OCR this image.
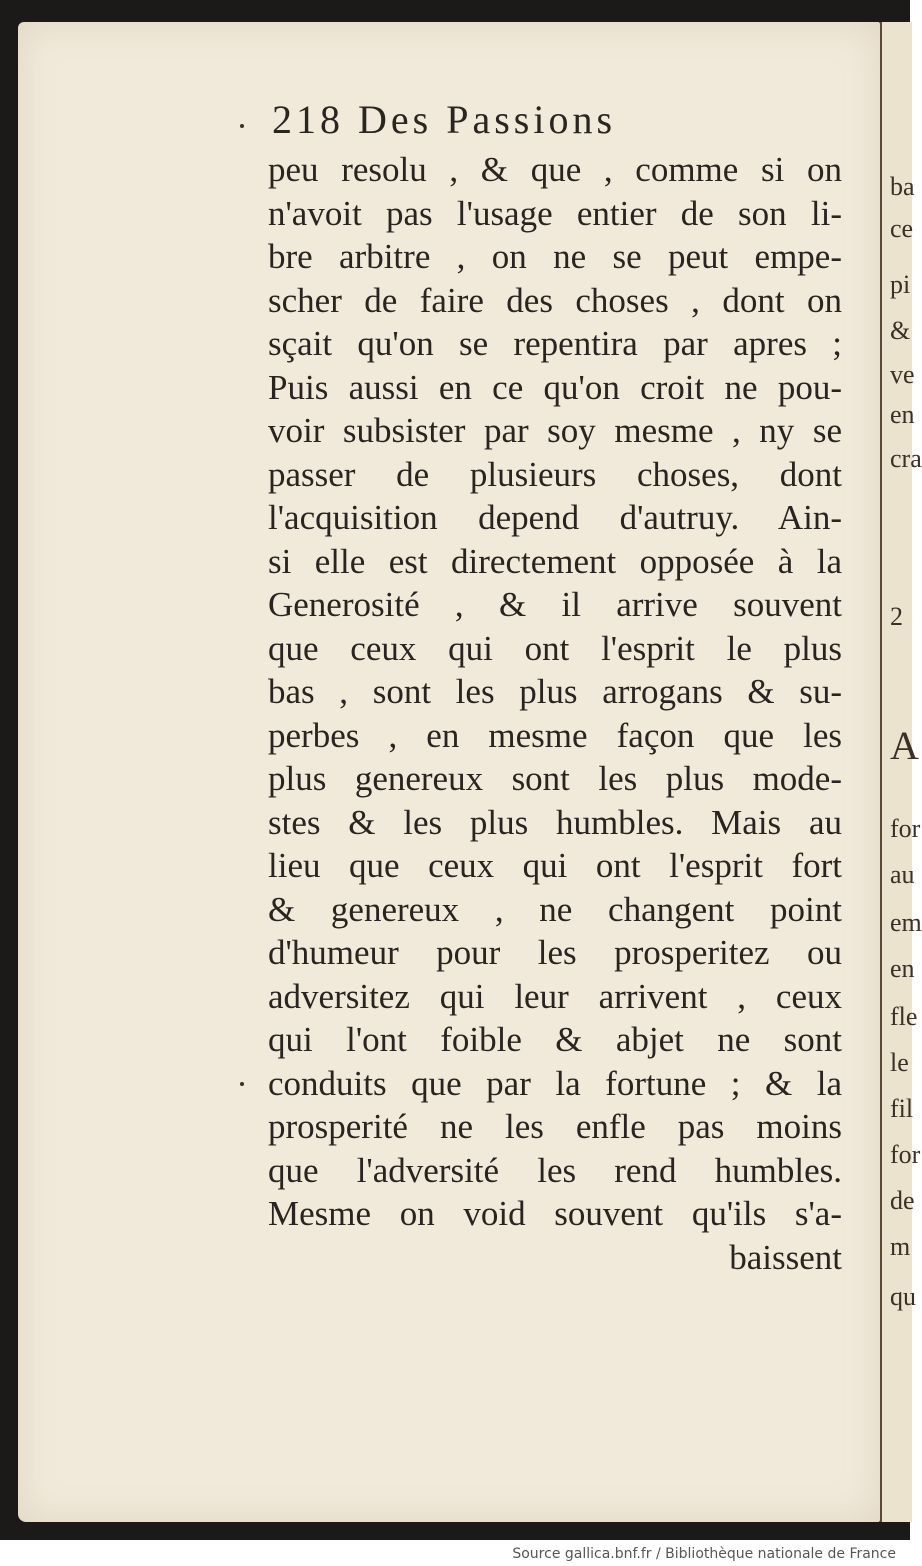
ba
ce
pi
&
ve
en
cra
2
A
for
au
em
en
fle
le
fil
for
de
m
qu
218 Des Passions
peu resolu , & que , comme si on
n'avoit pas l'usage entier de son li-
bre arbitre , on ne se peut empe-
scher de faire des choses , dont on
sçait qu'on se repentira par apres ;
Puis aussi en ce qu'on croit ne pou-
voir subsister par soy mesme , ny se
passer de plusieurs choses, dont
l'acquisition depend d'autruy. Ain-
si elle est directement opposée à la
Generosité , & il arrive souvent
que ceux qui ont l'esprit le plus
bas , sont les plus arrogans & su-
perbes , en mesme façon que les
plus genereux sont les plus mode-
stes & les plus humbles. Mais au
lieu que ceux qui ont l'esprit fort
& genereux , ne changent point
d'humeur pour les prosperitez ou
adversitez qui leur arrivent , ceux
qui l'ont foible & abjet ne sont
conduits que par la fortune ; & la
prosperité ne les enfle pas moins
que l'adversité les rend humbles.
Mesme on void souvent qu'ils s'a-
baissent
Source gallica.bnf.fr / Bibliothèque nationale de France
